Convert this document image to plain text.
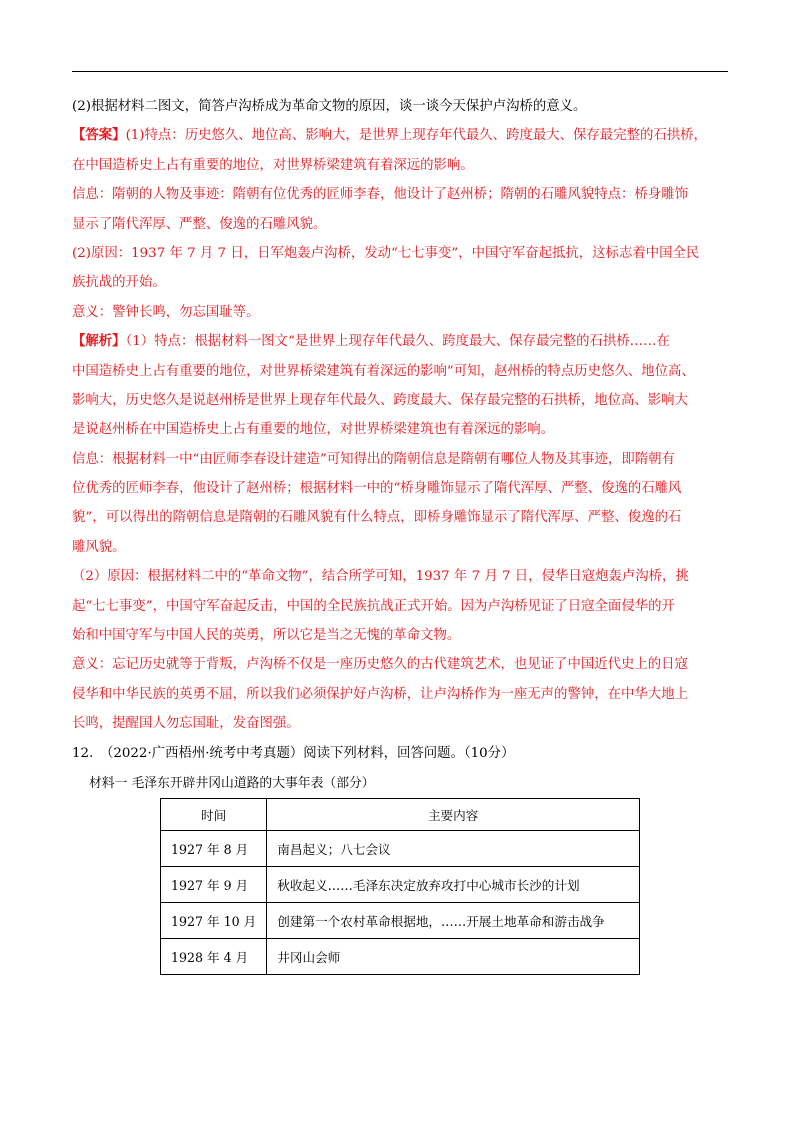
(2)根据材料二图文，简答卢沟桥成为革命文物的原因，谈一谈今天保护卢沟桥的意义。
【答案】(1)特点：历史悠久、地位高、影响大，是世界上现存年代最久、跨度最大、保存最完整的石拱桥，
在中国造桥史上占有重要的地位，对世界桥梁建筑有着深远的影响。
信息：隋朝的人物及事迹：隋朝有位优秀的匠师李春，他设计了赵州桥；隋朝的石雕风貌特点：桥身雕饰
显示了隋代浑厚、严整、俊逸的石雕风貌。
(2)原因：1937 年 7 月 7 日，日军炮轰卢沟桥，发动“七七事变”，中国守军奋起抵抗，这标志着中国全民
族抗战的开始。
意义：警钟长鸣，勿忘国耻等。
【解析】（1）特点：根据材料一图文“是世界上现存年代最久、跨度最大、保存最完整的石拱桥……在
中国造桥史上占有重要的地位，对世界桥梁建筑有着深远的影响”可知，赵州桥的特点历史悠久、地位高、
影响大，历史悠久是说赵州桥是世界上现存年代最久、跨度最大、保存最完整的石拱桥，地位高、影响大
是说赵州桥在中国造桥史上占有重要的地位，对世界桥梁建筑也有着深远的影响。
信息：根据材料一中“由匠师李春设计建造”可知得出的隋朝信息是隋朝有哪位人物及其事迹，即隋朝有
位优秀的匠师李春，他设计了赵州桥；根据材料一中的“桥身雕饰显示了隋代浑厚、严整、俊逸的石雕风
貌”，可以得出的隋朝信息是隋朝的石雕风貌有什么特点，即桥身雕饰显示了隋代浑厚、严整、俊逸的石
雕风貌。
（2）原因：根据材料二中的“革命文物”，结合所学可知，1937 年 7 月 7 日，侵华日寇炮轰卢沟桥，挑
起“七七事变”，中国守军奋起反击，中国的全民族抗战正式开始。因为卢沟桥见证了日寇全面侵华的开
始和中国守军与中国人民的英勇，所以它是当之无愧的革命文物。
意义：忘记历史就等于背叛，卢沟桥不仅是一座历史悠久的古代建筑艺术，也见证了中国近代史上的日寇
侵华和中华民族的英勇不屈，所以我们必须保护好卢沟桥，让卢沟桥作为一座无声的警钟，在中华大地上
长鸣，提醒国人勿忘国耻，发奋图强。
12.　（2022·广西梧州·统考中考真题）阅读下列材料，回答问题。（10分）
材料一 毛泽东开辟井冈山道路的大事年表（部分）
时间	主要内容
1927 年 8 月	南昌起义；八七会议
1927 年 9 月	秋收起义……毛泽东决定放弃攻打中心城市长沙的计划
1927 年 10 月	创建第一个农村革命根据地，……开展土地革命和游击战争
1928 年 4 月	井冈山会师
